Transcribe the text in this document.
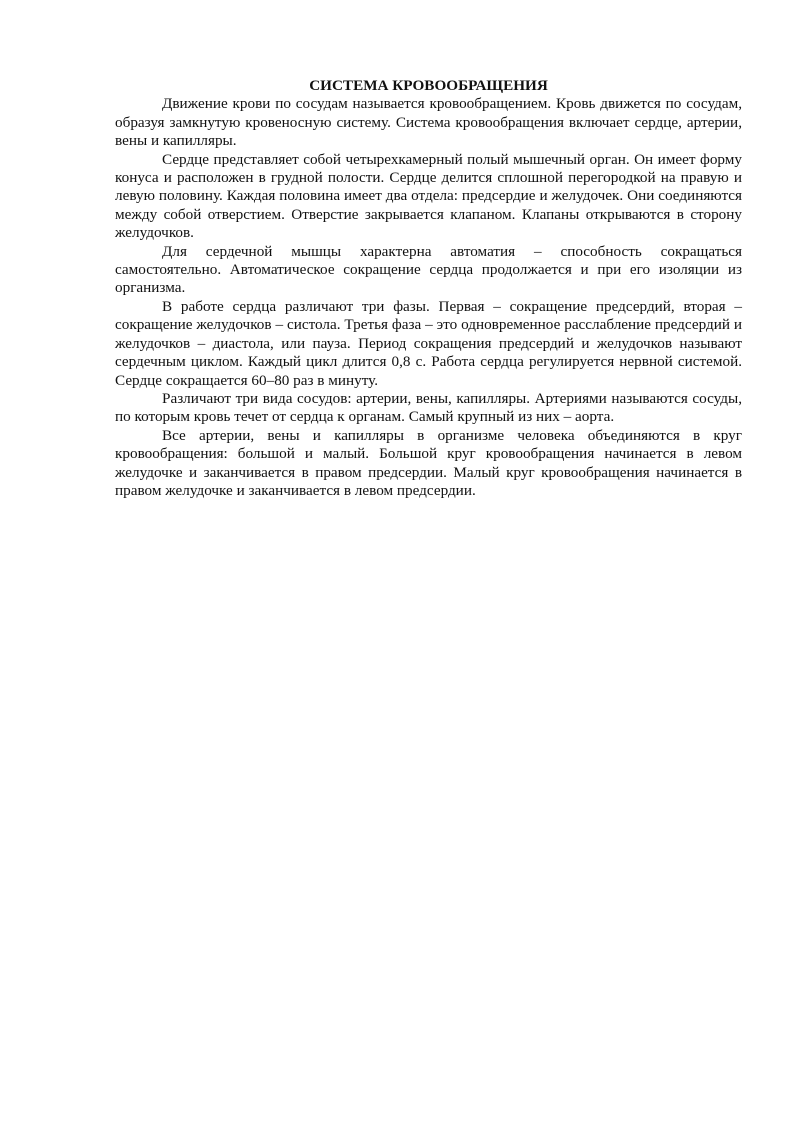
СИСТЕМА КРОВООБРАЩЕНИЯ

Движение крови по сосудам называется кровообращением. Кровь движется по сосудам, образуя замкнутую кровеносную систему. Система кровообращения включает сердце, артерии, вены и капилляры.

Сердце представляет собой четырехкамерный полый мышечный орган. Он имеет форму конуса и расположен в грудной полости. Сердце делится сплошной перегородкой на правую и левую половину. Каждая половина имеет два отдела: предсердие и желудочек. Они соединяются между собой отверстием. Отверстие закрывается клапаном. Клапаны открываются в сторону желудочков.

Для сердечной мышцы характерна автоматия – способность сокращаться самостоятельно. Автоматическое сокращение сердца продолжается и при его изоляции из организма.

В работе сердца различают три фазы. Первая – сокращение предсердий, вторая – сокращение желудочков – систола. Третья фаза – это одновременное расслабление предсердий и желудочков – диастола, или пауза. Период сокращения предсердий и желудочков называют сердечным циклом. Каждый цикл длится 0,8 с. Работа сердца регулируется нервной системой. Сердце сокращается 60–80 раз в минуту.

Различают три вида сосудов: артерии, вены, капилляры. Артериями называются сосуды, по которым кровь течет от сердца к органам. Самый крупный из них – аорта.

Все артерии, вены и капилляры в организме человека объединяются в круг кровообращения: большой и малый. Большой круг кровообращения начинается в левом желудочке и заканчивается в правом предсердии. Малый круг кровообращения начинается в правом желудочке и заканчивается в левом предсердии.
